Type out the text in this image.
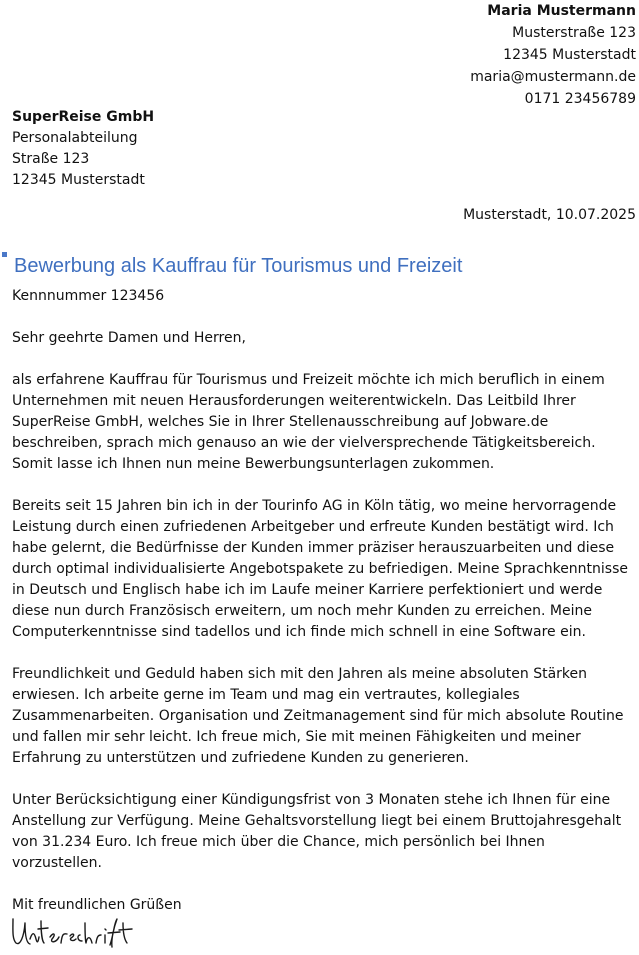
Maria Mustermann
Musterstraße 123
12345 Musterstadt
maria@mustermann.de
0171 23456789
SuperReise GmbH
Personalabteilung
Straße 123
12345 Musterstadt
Musterstadt, 10.07.2025
Bewerbung als Kauffrau für Tourismus und Freizeit

Kennnummer 123456

Sehr geehrte Damen und Herren,

als erfahrene Kauffrau für Tourismus und Freizeit möchte ich mich beruflich in einem Unternehmen mit neuen Herausforderungen weiterentwickeln. Das Leitbild Ihrer SuperReise GmbH, welches Sie in Ihrer Stellenausschreibung auf Jobware.de beschreiben, sprach mich genauso an wie der vielversprechende Tätigkeitsbereich. Somit lasse ich Ihnen nun meine Bewerbungsunterlagen zukommen.

Bereits seit 15 Jahren bin ich in der Tourinfo AG in Köln tätig, wo meine hervorragende Leistung durch einen zufriedenen Arbeitgeber und erfreute Kunden bestätigt wird. Ich habe gelernt, die Bedürfnisse der Kunden immer präziser herauszuarbeiten und diese durch optimal individualisierte Angebotspakete zu befriedigen. Meine Sprachkenntnisse in Deutsch und Englisch habe ich im Laufe meiner Karriere perfektioniert und werde diese nun durch Französisch erweitern, um noch mehr Kunden zu erreichen. Meine Computerkenntnisse sind tadellos und ich finde mich schnell in eine Software ein.

Freundlichkeit und Geduld haben sich mit den Jahren als meine absoluten Stärken erwiesen. Ich arbeite gerne im Team und mag ein vertrautes, kollegiales Zusammenarbeiten. Organisation und Zeitmanagement sind für mich absolute Routine und fallen mir sehr leicht. Ich freue mich, Sie mit meinen Fähigkeiten und meiner Erfahrung zu unterstützen und zufriedene Kunden zu generieren.

Unter Berücksichtigung einer Kündigungsfrist von 3 Monaten stehe ich Ihnen für eine Anstellung zur Verfügung. Meine Gehaltsvorstellung liegt bei einem Bruttojahresgehalt von 31.234 Euro. Ich freue mich über die Chance, mich persönlich bei Ihnen vorzustellen.

Mit freundlichen Grüßen
